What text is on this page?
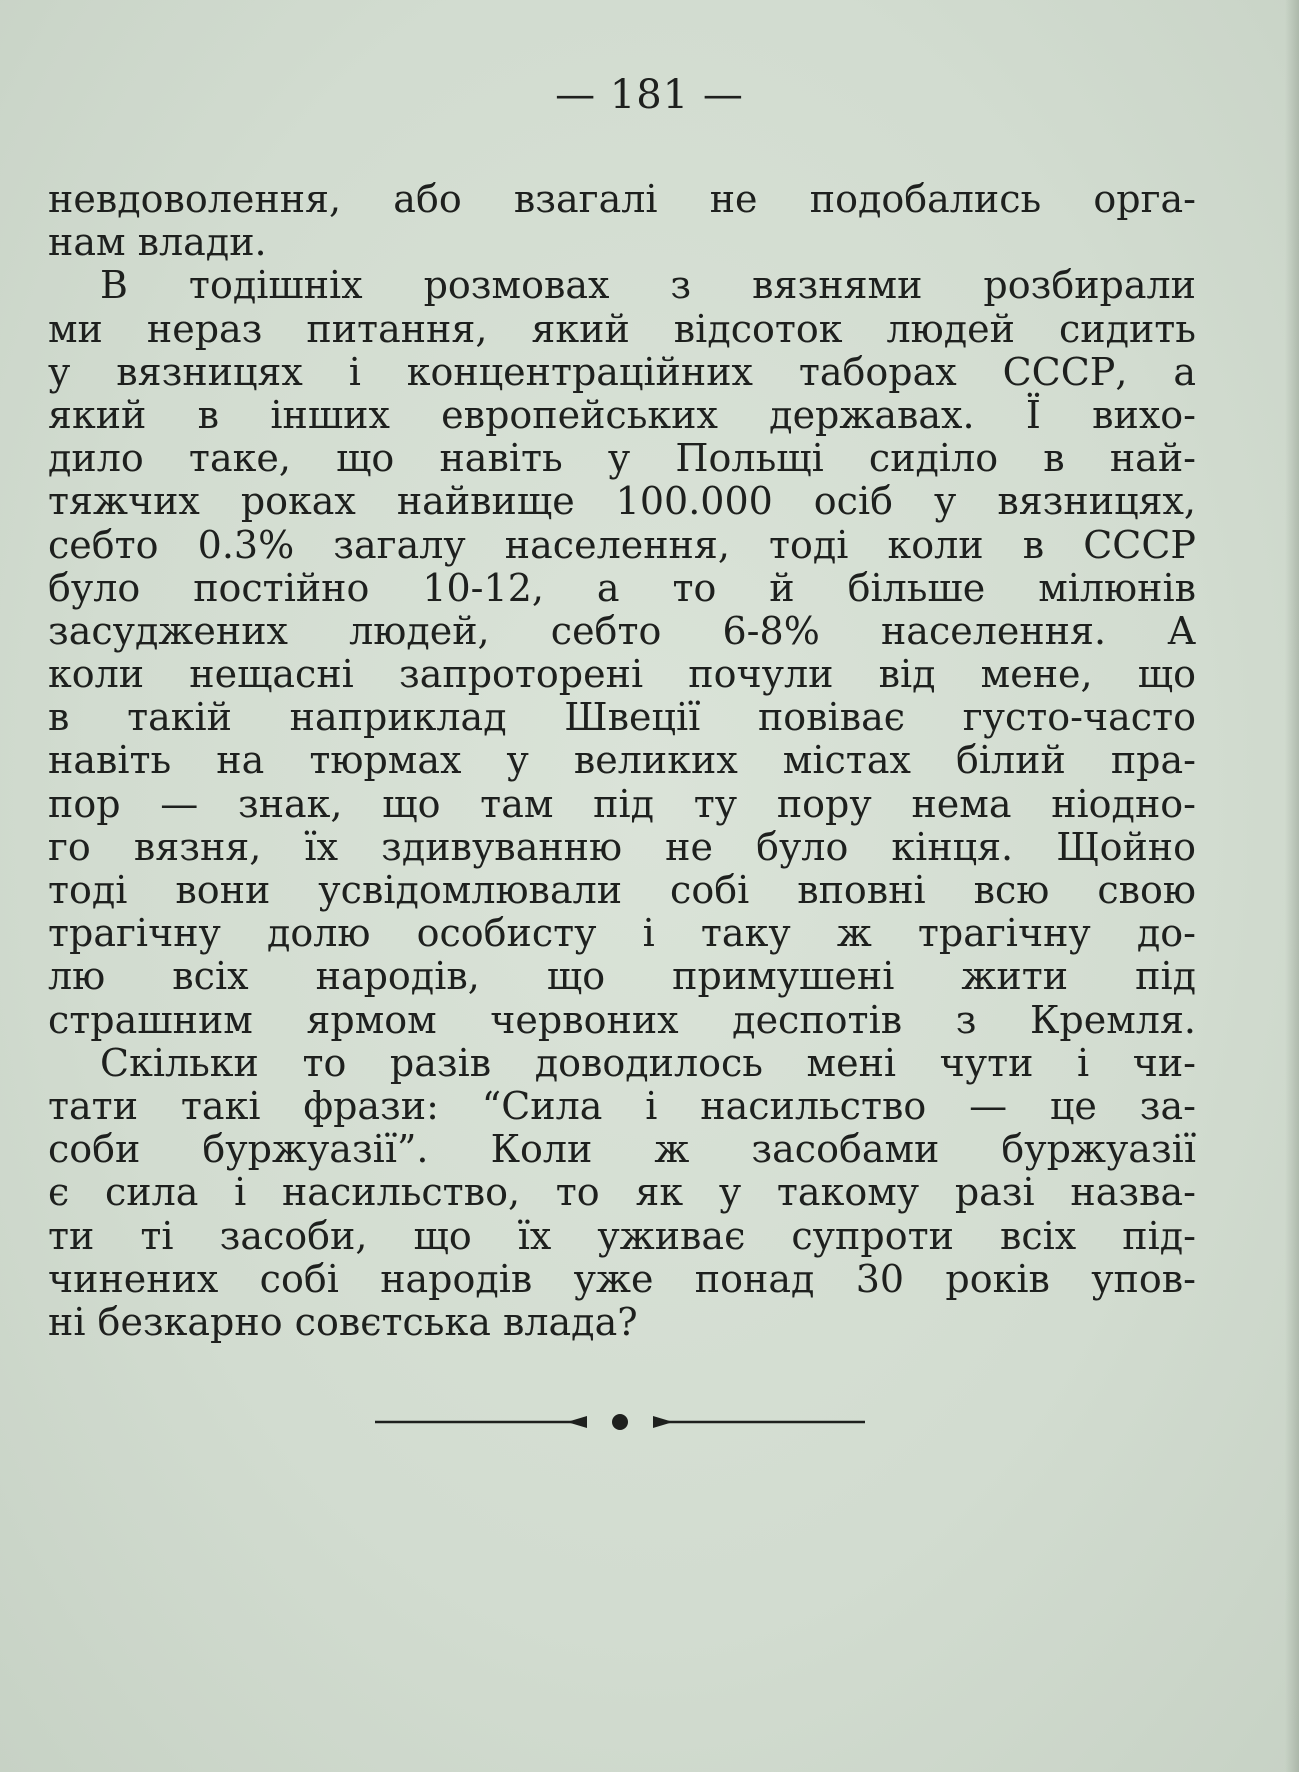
— 181 —
невдоволення, або взагалі не подобались орга-
нам влади.
В тодішніх розмовах з вязнями розбирали
ми нераз питання, який відсоток людей сидить
у вязницях і концентраційних таборах СССР, а
який в інших европейських державах. Ї вихо-
дило таке, що навіть у Польщі сиділо в най-
тяжчих роках найвище 100.000 осіб у вязницях,
себто 0.3% загалу населення, тоді коли в СССР
було постійно 10-12, а то й більше мілюнів
засуджених людей, себто 6-8% населення. А
коли нещасні запроторені почули від мене, що
в такій наприклад Швеції повіває густо-часто
навіть на тюрмах у великих містах білий пра-
пор — знак, що там під ту пору нема ніодно-
го вязня, їх здивуванню не було кінця. Щойно
тоді вони усвідомлювали собі вповні всю свою
трагічну долю особисту і таку ж трагічну до-
лю всіх народів, що примушені жити під
страшним ярмом червоних деспотів з Кремля.
Скільки то разів доводилось мені чути і чи-
тати такі фрази: “Сила і насильство — це за-
соби буржуазії”. Коли ж засобами буржуазії
є сила і насильство, то як у такому разі назва-
ти ті засоби, що їх уживає супроти всіх під-
чинених собі народів уже понад 30 років упов-
ні безкарно совєтська влада?
